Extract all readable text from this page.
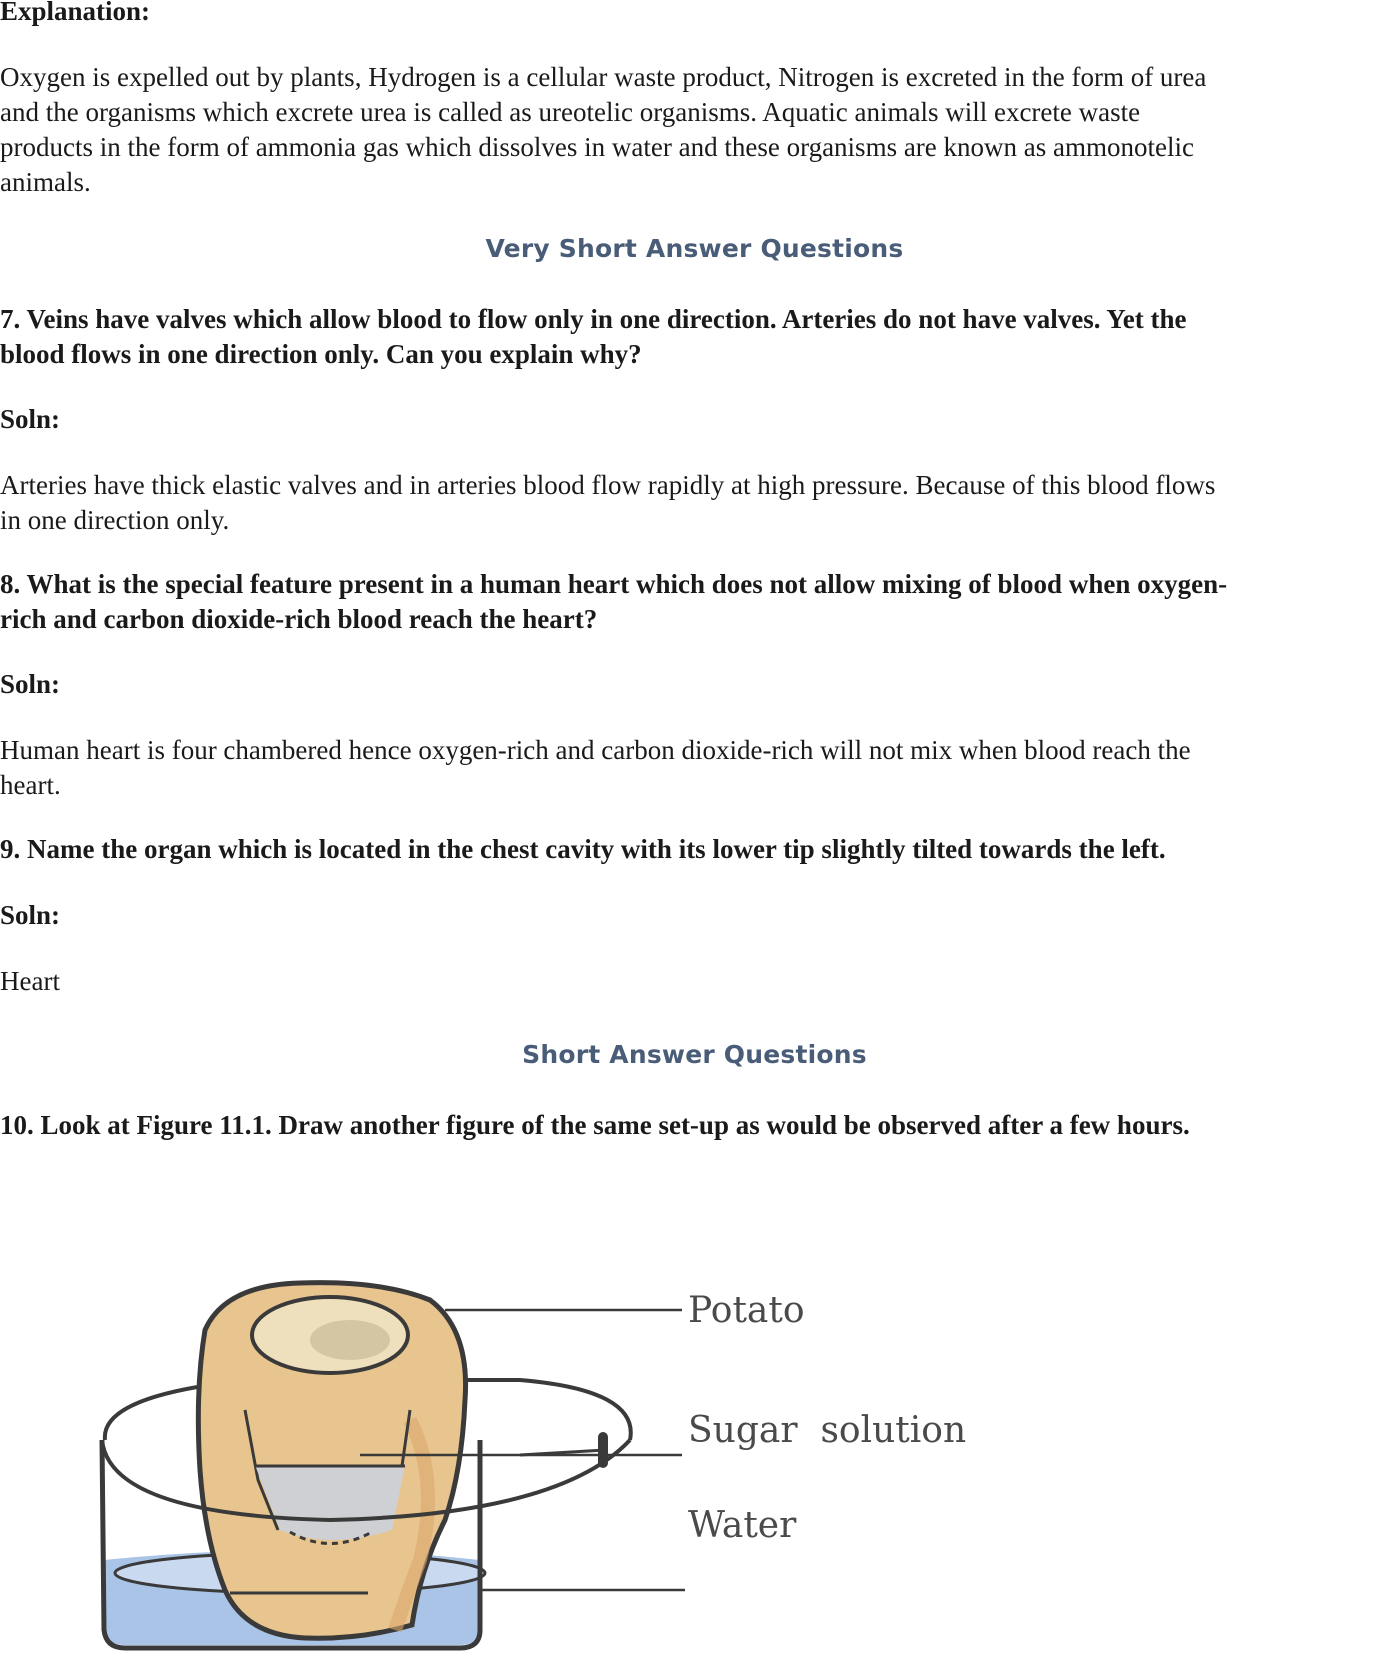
Explanation:
Oxygen is expelled out by plants, Hydrogen is a cellular waste product, Nitrogen is excreted in the form of urea
and the organisms which excrete urea is called as ureotelic organisms. Aquatic animals will excrete waste
products in the form of ammonia gas which dissolves in water and these organisms are known as ammonotelic
animals.
Very Short Answer Questions
7. Veins have valves which allow blood to flow only in one direction. Arteries do not have valves. Yet the
blood flows in one direction only. Can you explain why?
Soln:
Arteries have thick elastic valves and in arteries blood flow rapidly at high pressure. Because of this blood flows
in one direction only.
8. What is the special feature present in a human heart which does not allow mixing of blood when oxygen-
rich and carbon dioxide-rich blood reach the heart?
Soln:
Human heart is four chambered hence oxygen-rich and carbon dioxide-rich will not mix when blood reach the
heart.
9. Name the organ which is located in the chest cavity with its lower tip slightly tilted towards the left.
Soln:
Heart
Short Answer Questions
10. Look at Figure 11.1. Draw another figure of the same set-up as would be observed after a few hours.
Potato
Sugar  solution
Water
